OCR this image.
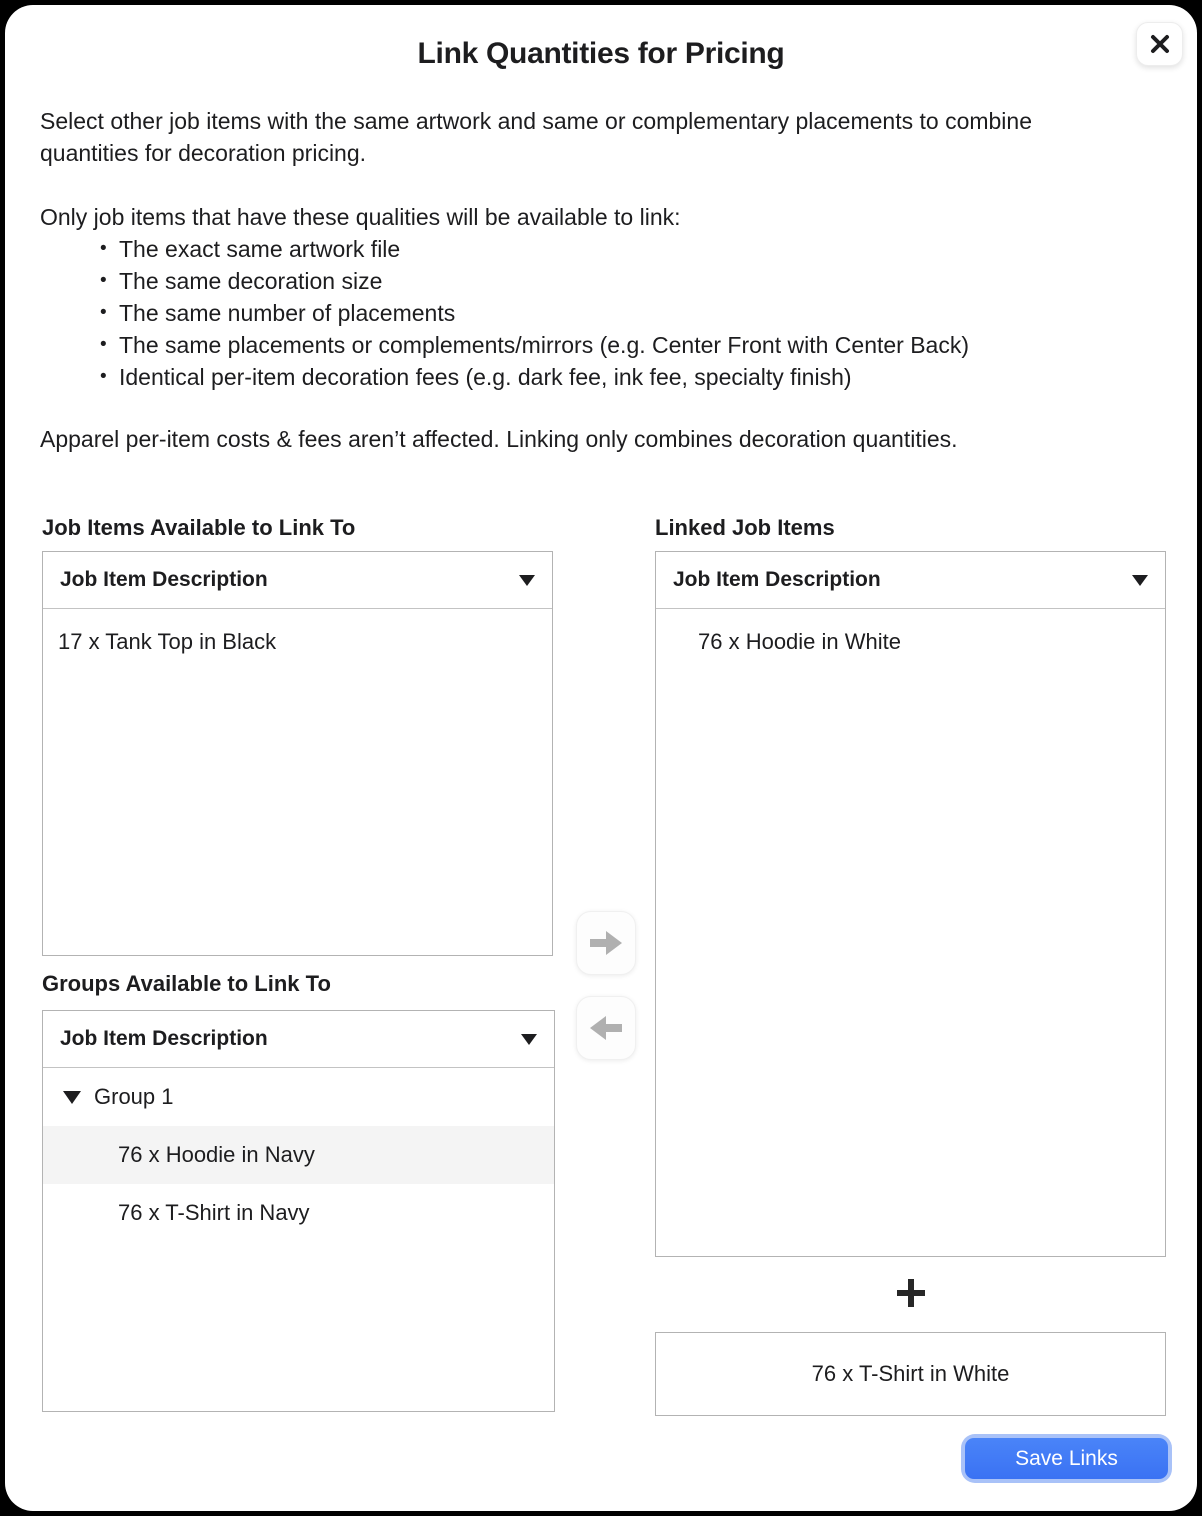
Link Quantities for Pricing
Select other job items with the same artwork and same or complementary placements to combine quantities for decoration pricing.
Only job items that have these qualities will be available to link:
• The exact same artwork file
• The same decoration size
• The same number of placements
• The same placements or complements/mirrors (e.g. Center Front with Center Back)
• Identical per-item decoration fees (e.g. dark fee, ink fee, specialty finish)
Apparel per-item costs & fees aren’t affected. Linking only combines decoration quantities.
Job Items Available to Link To
Job Item Description
17 x Tank Top in Black
Groups Available to Link To
Job Item Description
Group 1
76 x Hoodie in Navy
76 x T-Shirt in Navy
Linked Job Items
Job Item Description
76 x Hoodie in White
76 x T-Shirt in White
Save Links
